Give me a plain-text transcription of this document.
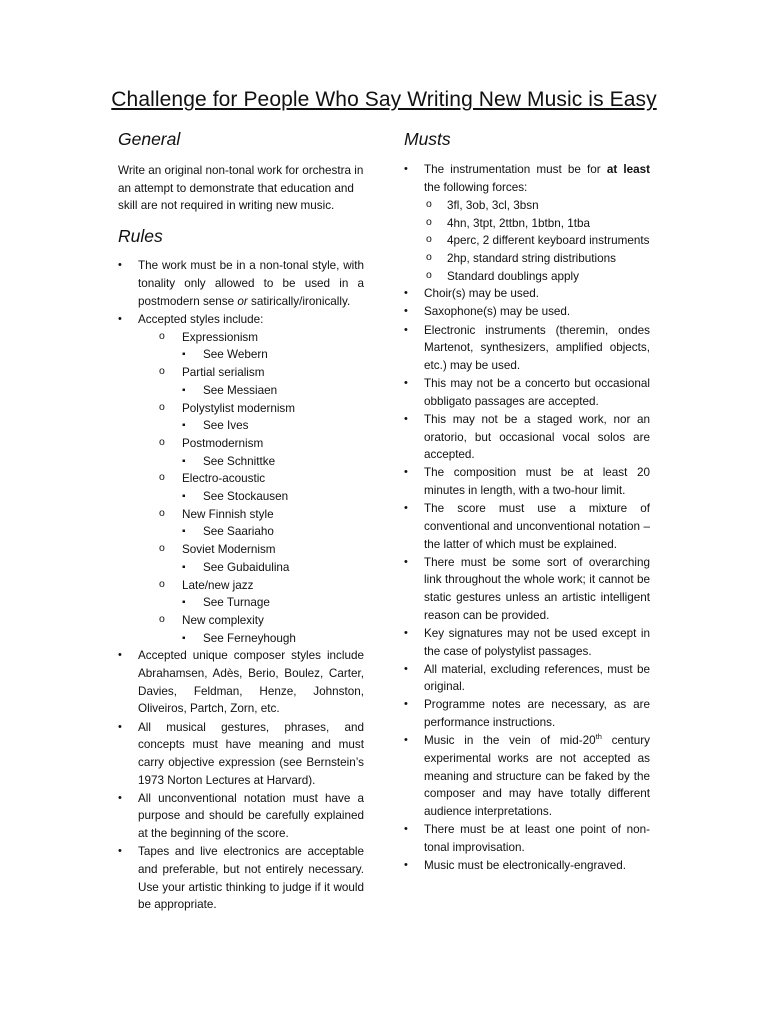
Challenge for People Who Say Writing New Music is Easy
General

Write an original non-tonal work for orchestra in an attempt to demonstrate that education and skill are not required in writing new music.

Rules
• The work must be in a non-tonal style, with tonality only allowed to be used in a postmodern sense or satirically/ironically.
• Accepted styles include:
o Expressionism
▪ See Webern
o Partial serialism
▪ See Messiaen
o Polystylist modernism
▪ See Ives
o Postmodernism
▪ See Schnittke
o Electro-acoustic
▪ See Stockausen
o New Finnish style
▪ See Saariaho
o Soviet Modernism
▪ See Gubaidulina
o Late/new jazz
▪ See Turnage
o New complexity
▪ See Ferneyhough
• Accepted unique composer styles include Abrahamsen, Adès, Berio, Boulez, Carter, Davies, Feldman, Henze, Johnston, Oliveiros, Partch, Zorn, etc.
• All musical gestures, phrases, and concepts must have meaning and must carry objective expression (see Bernstein’s 1973 Norton Lectures at Harvard).
• All unconventional notation must have a purpose and should be carefully explained at the beginning of the score.
• Tapes and live electronics are acceptable and preferable, but not entirely necessary. Use your artistic thinking to judge if it would be appropriate.
Musts
• The instrumentation must be for at least the following forces:
o 3fl, 3ob, 3cl, 3bsn
o 4hn, 3tpt, 2ttbn, 1btbn, 1tba
o 4perc, 2 different keyboard instruments
o 2hp, standard string distributions
o Standard doublings apply
• Choir(s) may be used.
• Saxophone(s) may be used.
• Electronic instruments (theremin, ondes Martenot, synthesizers, amplified objects, etc.) may be used.
• This may not be a concerto but occasional obbligato passages are accepted.
• This may not be a staged work, nor an oratorio, but occasional vocal solos are accepted.
• The composition must be at least 20 minutes in length, with a two-hour limit.
• The score must use a mixture of conventional and unconventional notation – the latter of which must be explained.
• There must be some sort of overarching link throughout the whole work; it cannot be static gestures unless an artistic intelligent reason can be provided.
• Key signatures may not be used except in the case of polystylist passages.
• All material, excluding references, must be original.
• Programme notes are necessary, as are performance instructions.
• Music in the vein of mid-20th century experimental works are not accepted as meaning and structure can be faked by the composer and may have totally different audience interpretations.
• There must be at least one point of non-tonal improvisation.
• Music must be electronically-engraved.
